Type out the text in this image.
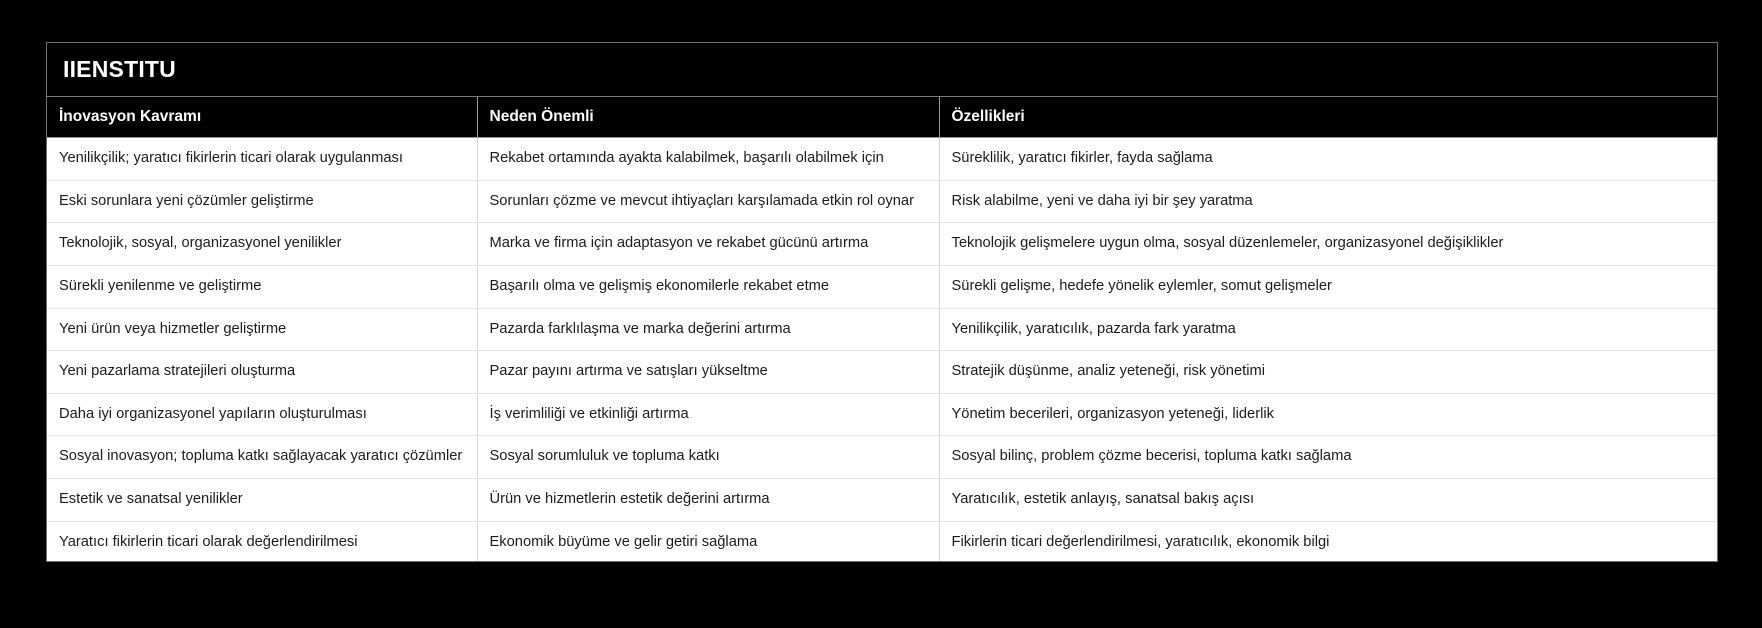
IIENSTITU
İnovasyon Kavramı	Neden Önemli	Özellikleri
Yenilikçilik; yaratıcı fikirlerin ticari olarak uygulanması	Rekabet ortamında ayakta kalabilmek, başarılı olabilmek için	Süreklilik, yaratıcı fikirler, fayda sağlama
Eski sorunlara yeni çözümler geliştirme	Sorunları çözme ve mevcut ihtiyaçları karşılamada etkin rol oynar	Risk alabilme, yeni ve daha iyi bir şey yaratma
Teknolojik, sosyal, organizasyonel yenilikler	Marka ve firma için adaptasyon ve rekabet gücünü artırma	Teknolojik gelişmelere uygun olma, sosyal düzenlemeler, organizasyonel değişiklikler
Sürekli yenilenme ve geliştirme	Başarılı olma ve gelişmiş ekonomilerle rekabet etme	Sürekli gelişme, hedefe yönelik eylemler, somut gelişmeler
Yeni ürün veya hizmetler geliştirme	Pazarda farklılaşma ve marka değerini artırma	Yenilikçilik, yaratıcılık, pazarda fark yaratma
Yeni pazarlama stratejileri oluşturma	Pazar payını artırma ve satışları yükseltme	Stratejik düşünme, analiz yeteneği, risk yönetimi
Daha iyi organizasyonel yapıların oluşturulması	İş verimliliği ve etkinliği artırma	Yönetim becerileri, organizasyon yeteneği, liderlik
Sosyal inovasyon; topluma katkı sağlayacak yaratıcı çözümler	Sosyal sorumluluk ve topluma katkı	Sosyal bilinç, problem çözme becerisi, topluma katkı sağlama
Estetik ve sanatsal yenilikler	Ürün ve hizmetlerin estetik değerini artırma	Yaratıcılık, estetik anlayış, sanatsal bakış açısı
Yaratıcı fikirlerin ticari olarak değerlendirilmesi	Ekonomik büyüme ve gelir getiri sağlama	Fikirlerin ticari değerlendirilmesi, yaratıcılık, ekonomik bilgi
